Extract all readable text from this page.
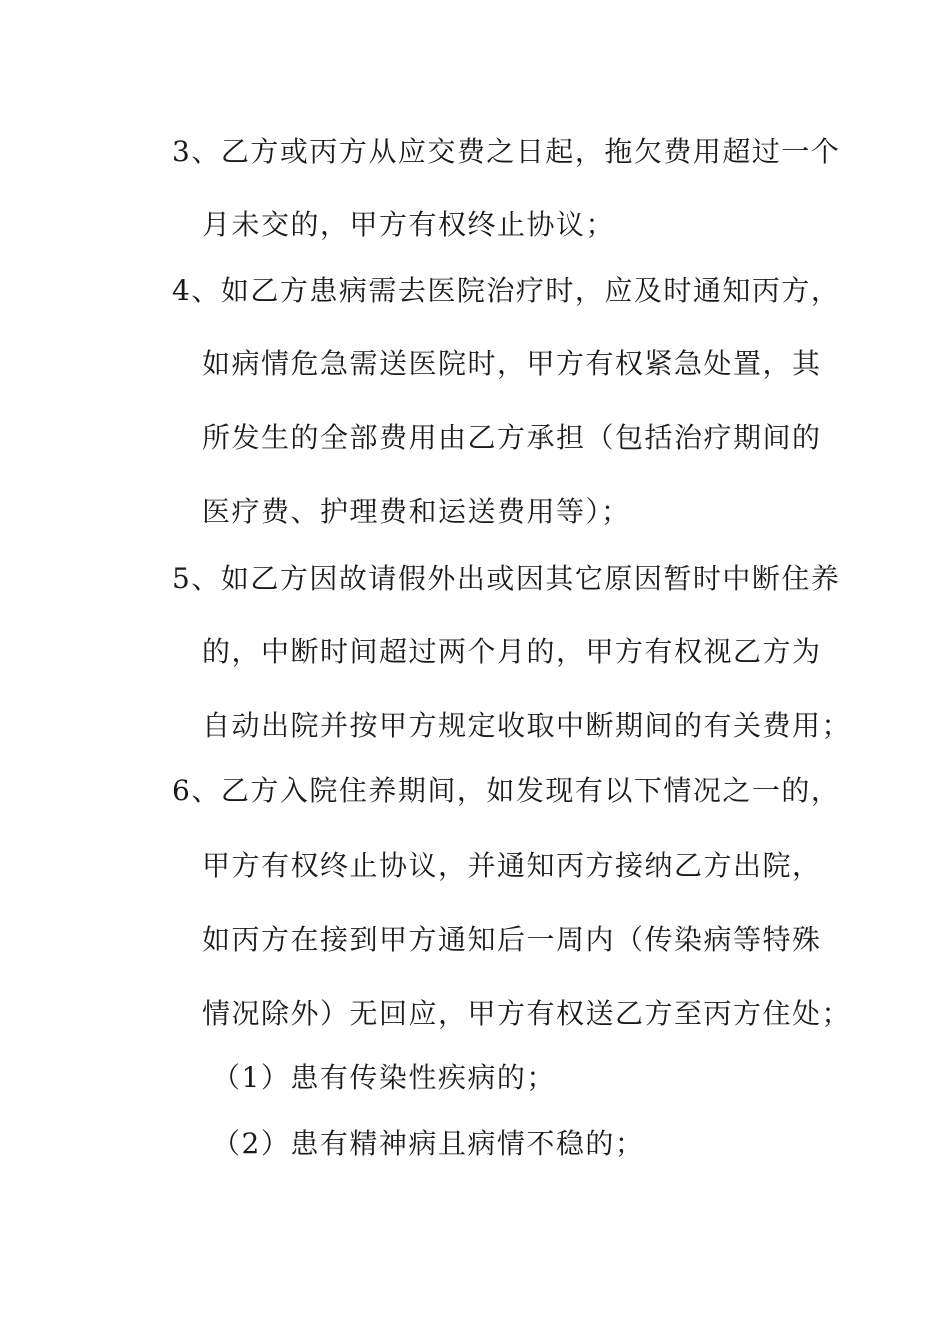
3、乙方或丙方从应交费之日起，拖欠费用超过一个
月未交的，甲方有权终止协议；
4、如乙方患病需去医院治疗时，应及时通知丙方，
如病情危急需送医院时，甲方有权紧急处置，其
所发生的全部费用由乙方承担（包括治疗期间的
医疗费、护理费和运送费用等）；
5、如乙方因故请假外出或因其它原因暂时中断住养
的，中断时间超过两个月的，甲方有权视乙方为
自动出院并按甲方规定收取中断期间的有关费用；
6、乙方入院住养期间，如发现有以下情况之一的，
甲方有权终止协议，并通知丙方接纳乙方出院，
如丙方在接到甲方通知后一周内（传染病等特殊
情况除外）无回应，甲方有权送乙方至丙方住处；
（1）患有传染性疾病的；
（2）患有精神病且病情不稳的；
